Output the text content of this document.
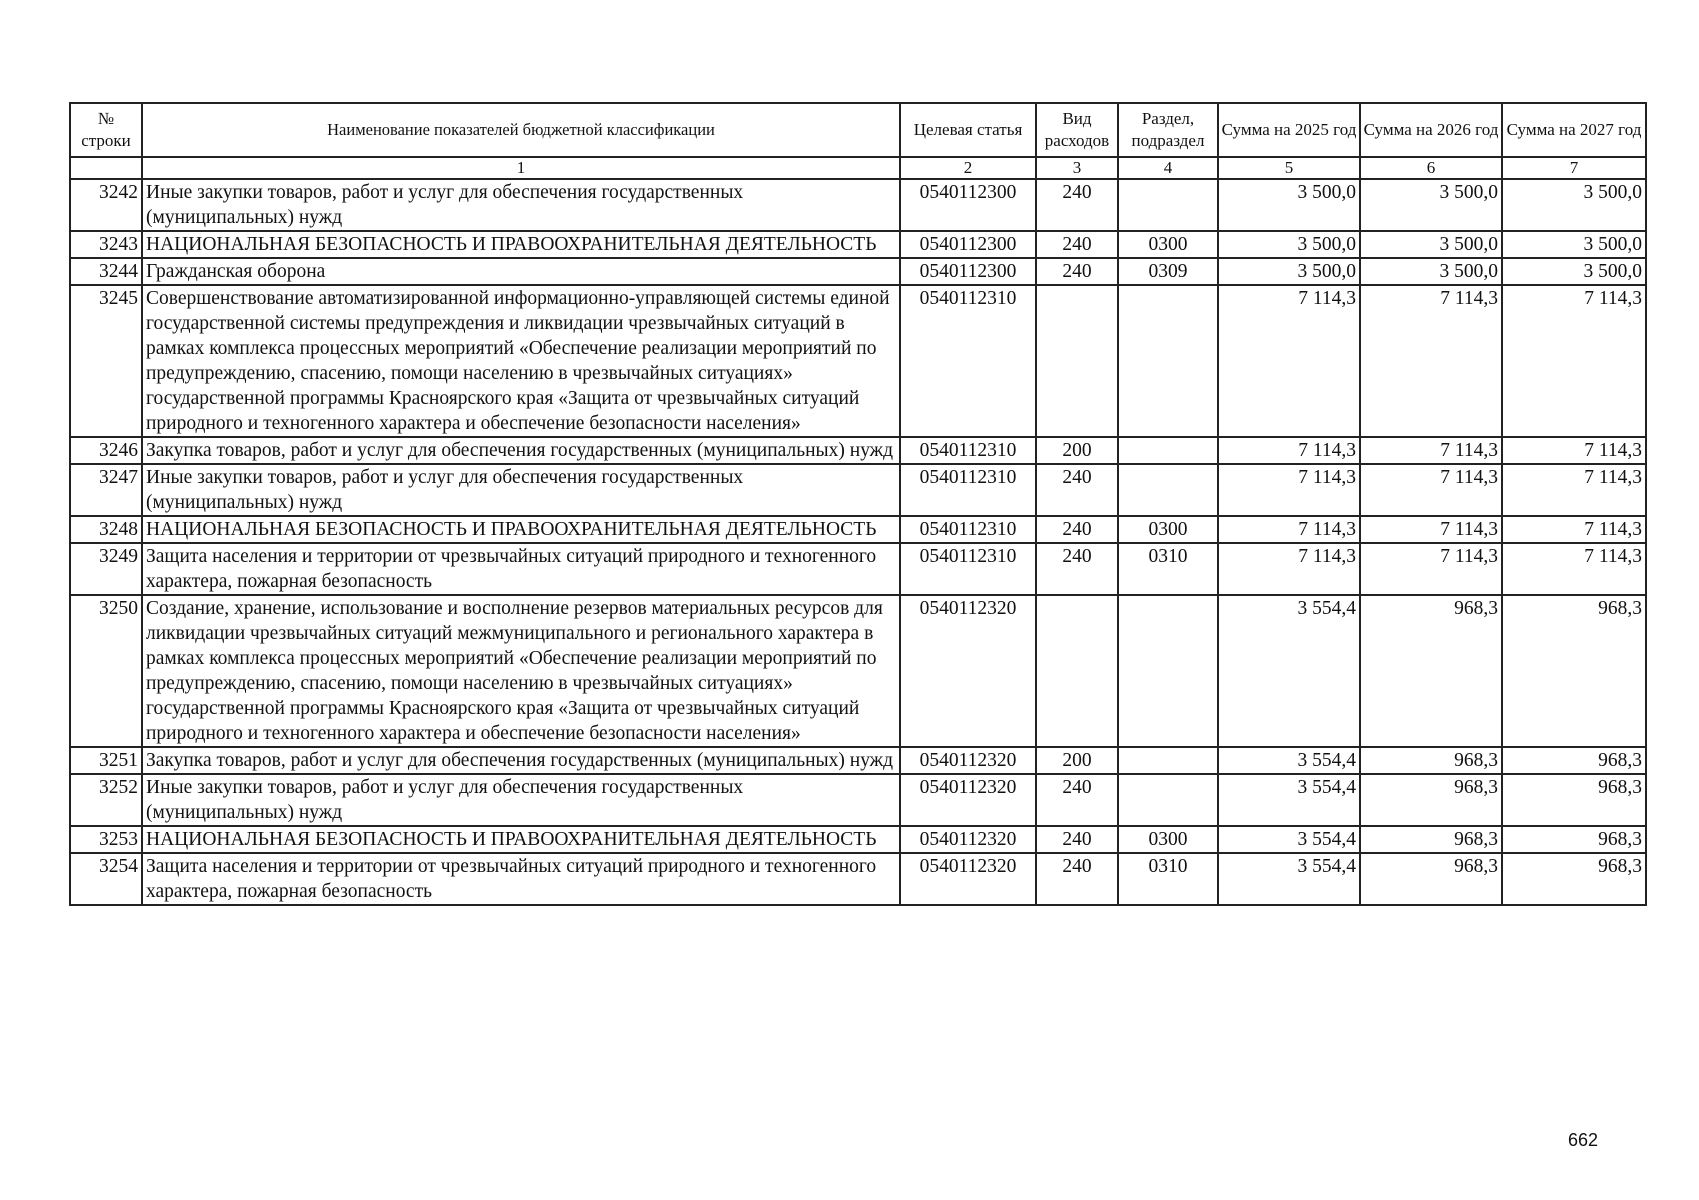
№ строки	Наименование показателей бюджетной классификации	Целевая статья	Вид расходов	Раздел, подраздел	Сумма на 2025 год	Сумма на 2026 год	Сумма на 2027 год
	1	2	3	4	5	6	7
3242	Иные закупки товаров, работ и услуг для обеспечения государственных (муниципальных) нужд	0540112300	240		3 500,0	3 500,0	3 500,0
3243	НАЦИОНАЛЬНАЯ БЕЗОПАСНОСТЬ И ПРАВООХРАНИТЕЛЬНАЯ ДЕЯТЕЛЬНОСТЬ	0540112300	240	0300	3 500,0	3 500,0	3 500,0
3244	Гражданская оборона	0540112300	240	0309	3 500,0	3 500,0	3 500,0
3245	Совершенствование автоматизированной информационно-управляющей системы единой государственной системы предупреждения и ликвидации чрезвычайных ситуаций в рамках комплекса процессных мероприятий «Обеспечение реализации мероприятий по предупреждению, спасению, помощи населению в чрезвычайных ситуациях» государственной программы Красноярского края «Защита от чрезвычайных ситуаций природного и техногенного характера и обеспечение безопасности населения»	0540112310			7 114,3	7 114,3	7 114,3
3246	Закупка товаров, работ и услуг для обеспечения государственных (муниципальных) нужд	0540112310	200		7 114,3	7 114,3	7 114,3
3247	Иные закупки товаров, работ и услуг для обеспечения государственных (муниципальных) нужд	0540112310	240		7 114,3	7 114,3	7 114,3
3248	НАЦИОНАЛЬНАЯ БЕЗОПАСНОСТЬ И ПРАВООХРАНИТЕЛЬНАЯ ДЕЯТЕЛЬНОСТЬ	0540112310	240	0300	7 114,3	7 114,3	7 114,3
3249	Защита населения и территории от чрезвычайных ситуаций природного и техногенного характера, пожарная безопасность	0540112310	240	0310	7 114,3	7 114,3	7 114,3
3250	Создание, хранение, использование и восполнение резервов материальных ресурсов для ликвидации чрезвычайных ситуаций межмуниципального и регионального характера в рамках комплекса процессных мероприятий «Обеспечение реализации мероприятий по предупреждению, спасению, помощи населению в чрезвычайных ситуациях» государственной программы Красноярского края «Защита от чрезвычайных ситуаций природного и техногенного характера и обеспечение безопасности населения»	0540112320			3 554,4	968,3	968,3
3251	Закупка товаров, работ и услуг для обеспечения государственных (муниципальных) нужд	0540112320	200		3 554,4	968,3	968,3
3252	Иные закупки товаров, работ и услуг для обеспечения государственных (муниципальных) нужд	0540112320	240		3 554,4	968,3	968,3
3253	НАЦИОНАЛЬНАЯ БЕЗОПАСНОСТЬ И ПРАВООХРАНИТЕЛЬНАЯ ДЕЯТЕЛЬНОСТЬ	0540112320	240	0300	3 554,4	968,3	968,3
3254	Защита населения и территории от чрезвычайных ситуаций природного и техногенного характера, пожарная безопасность	0540112320	240	0310	3 554,4	968,3	968,3
662
